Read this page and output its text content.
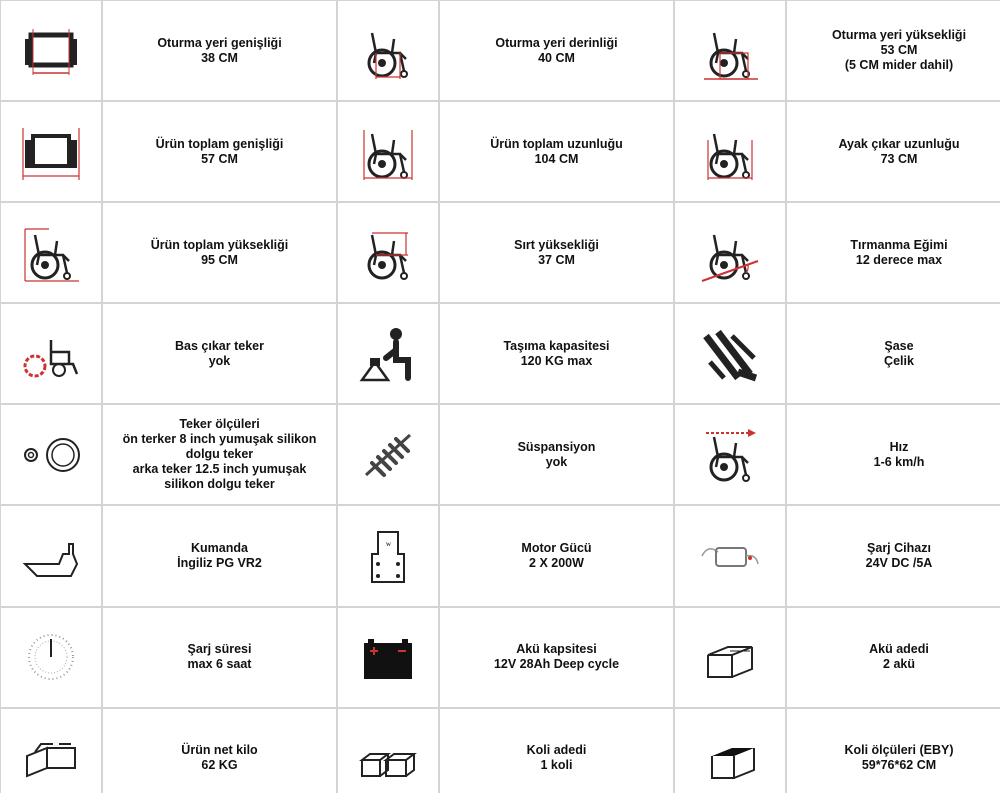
Oturma yeri genişliği
38 CM
Oturma yeri derinliği
40 CM
Oturma yeri yüksekliği
53 CM
(5 CM mider dahil)
Ürün toplam genişliği
57 CM
Ürün toplam uzunluğu
104 CM
Ayak çıkar uzunluğu
73 CM
Ürün toplam yüksekliği
95 CM
Sırt yüksekliği
37 CM
Tırmanma Eğimi
12 derece max
Bas çıkar teker
yok
Taşıma kapasitesi
120 KG max
Şase
Çelik
Teker ölçüleri
ön terker 8 inch yumuşak silikon
dolgu teker
arka teker 12.5 inch yumuşak
silikon dolgu teker
Süspansiyon
yok
Hız
1-6 km/h
Kumanda
İngiliz PG VR2
w	Motor Gücü
2 X 200W
Şarj Cihazı
24V DC /5A
Şarj süresi
max 6 saat
Akü kapsitesi
12V 28Ah Deep cycle
Akü adedi
2 akü
Ürün net kilo
62 KG
Koli adedi
1 koli
Koli ölçüleri (EBY)
59*76*62 CM
